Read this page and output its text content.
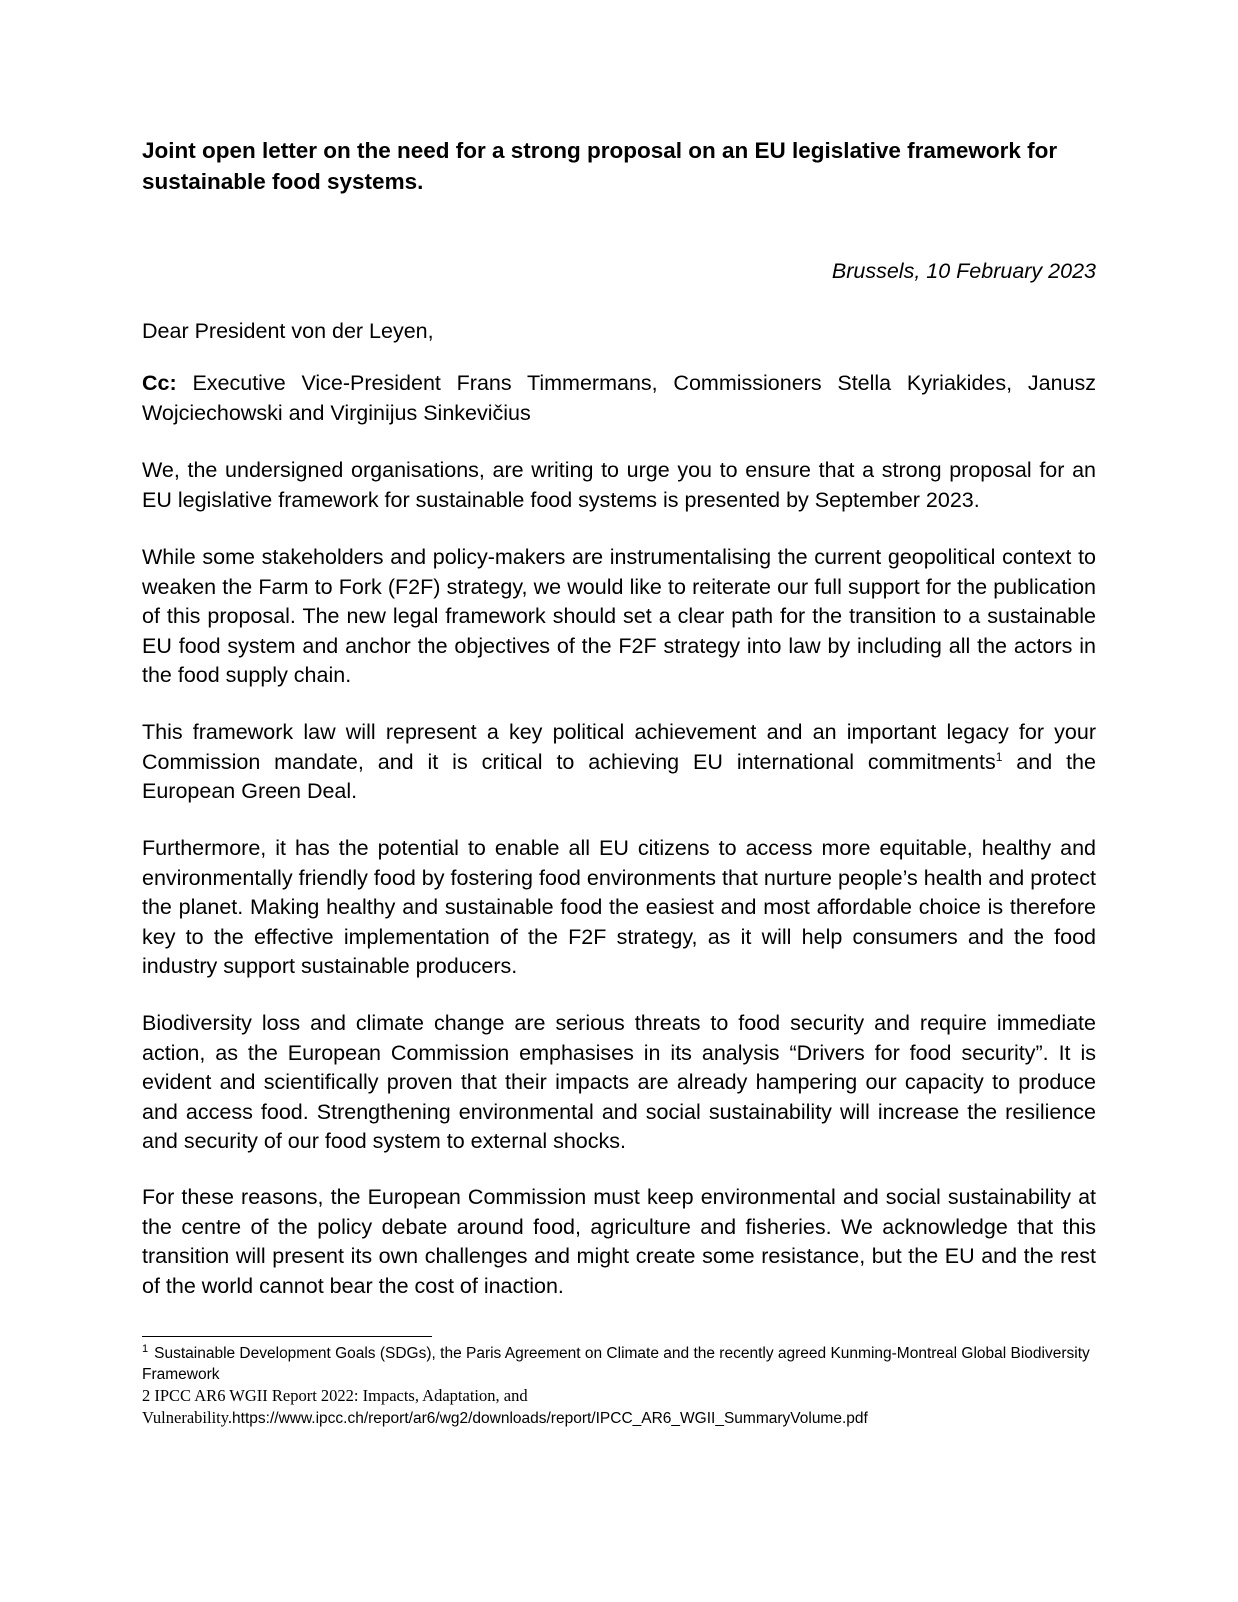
Joint open letter on the need for a strong proposal on an EU legislative framework for sustainable food systems.
Brussels, 10 February 2023
Dear President von der Leyen,

Cc: Executive Vice-President Frans Timmermans, Commissioners Stella Kyriakides, Janusz Wojciechowski and Virginijus Sinkevičius

We, the undersigned organisations, are writing to urge you to ensure that a strong proposal for an EU legislative framework for sustainable food systems is presented by September 2023.

While some stakeholders and policy-makers are instrumentalising the current geopolitical context to weaken the Farm to Fork (F2F) strategy, we would like to reiterate our full support for the publication of this proposal. The new legal framework should set a clear path for the transition to a sustainable EU food system and anchor the objectives of the F2F strategy into law by including all the actors in the food supply chain.

This framework law will represent a key political achievement and an important legacy for your Commission mandate, and it is critical to achieving EU international commitments$^1$ and the European Green Deal.

Furthermore, it has the potential to enable all EU citizens to access more equitable, healthy and environmentally friendly food by fostering food environments that nurture people’s health and protect the planet. Making healthy and sustainable food the easiest and most affordable choice is therefore key to the effective implementation of the F2F strategy, as it will help consumers and the food industry support sustainable producers.

Biodiversity loss and climate change are serious threats to food security and require immediate action, as the European Commission emphasises in its analysis “Drivers for food security”. It is evident and scientifically proven that their impacts are already hampering our capacity to produce and access food. Strengthening environmental and social sustainability will increase the resilience and security of our food system to external shocks.

For these reasons, the European Commission must keep environmental and social sustainability at the centre of the policy debate around food, agriculture and fisheries. We acknowledge that this transition will present its own challenges and might create some resistance, but the EU and the rest of the world cannot bear the cost of inaction.

$^1$ Sustainable Development Goals (SDGs), the Paris Agreement on Climate and the recently agreed Kunming-Montreal Global Biodiversity Framework
2 IPCC AR6 WGII Report 2022: Impacts, Adaptation, and Vulnerability.https://www.ipcc.ch/report/ar6/wg2/downloads/report/IPCC_AR6_WGII_SummaryVolume.pdf
